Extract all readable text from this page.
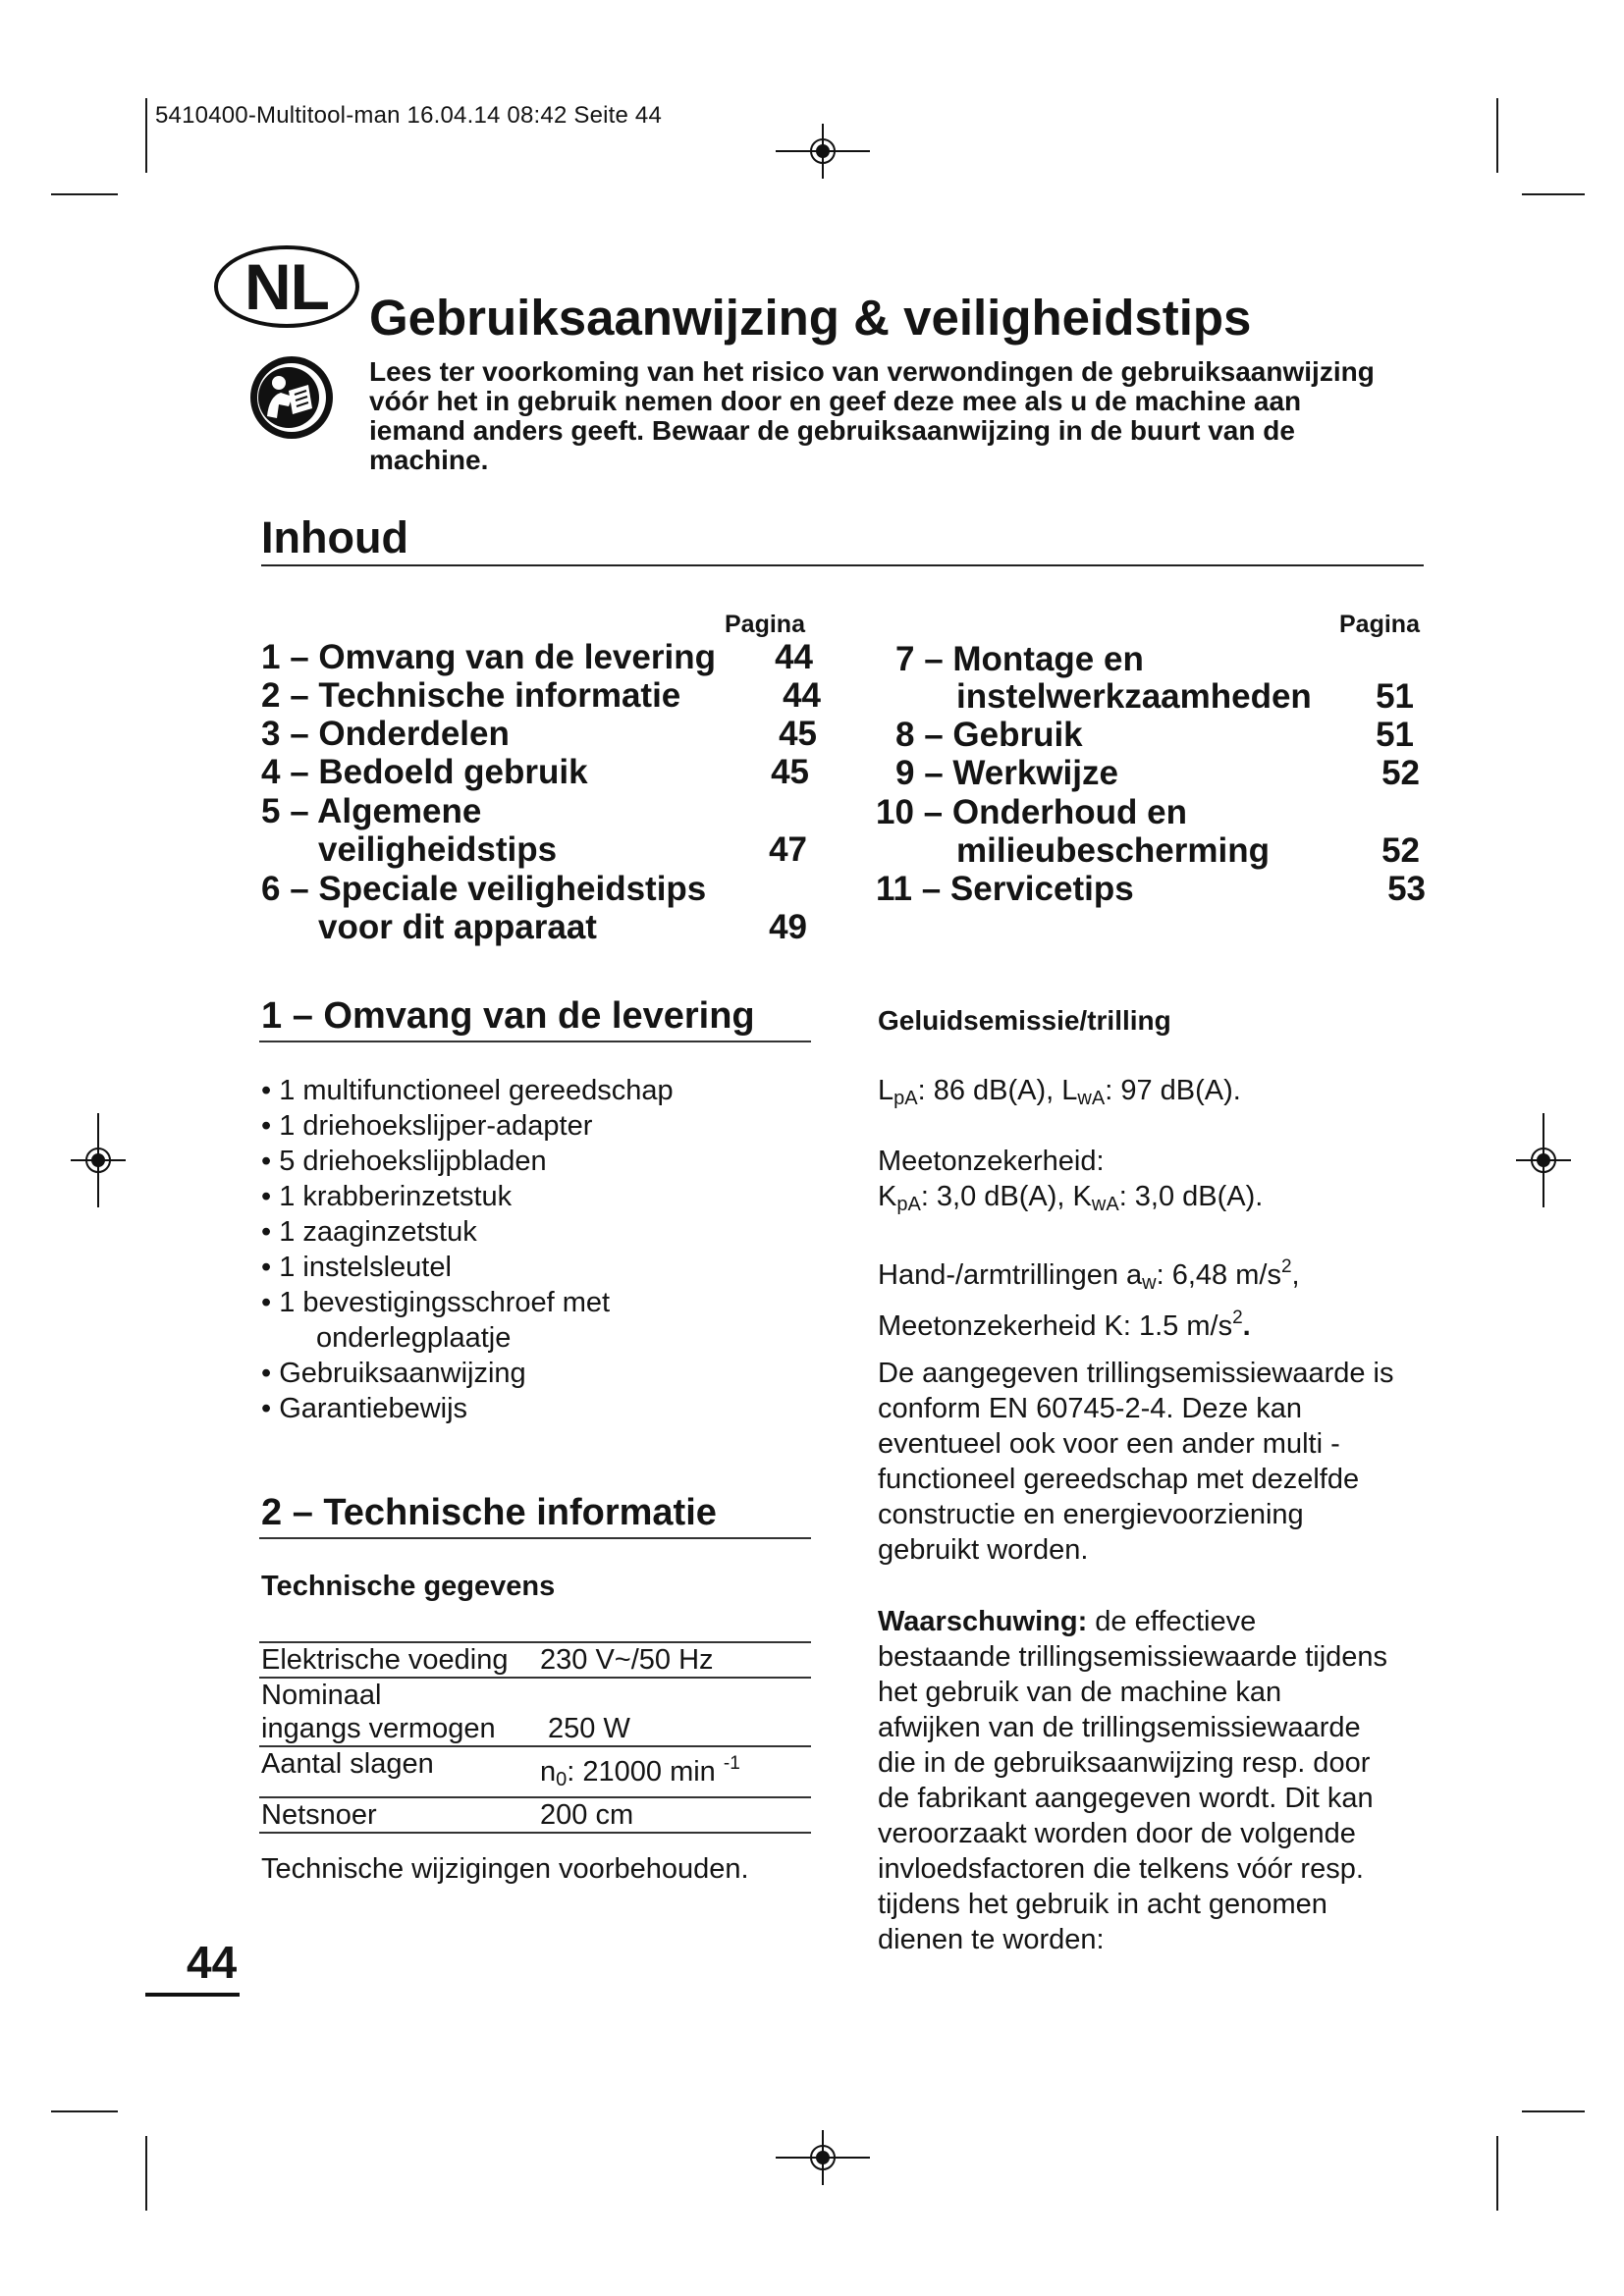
5410400-Multitool-man 16.04.14 08:42 Seite 44
NL Gebruiksaanwijzing & veiligheidstips
Lees ter voorkoming van het risico van verwondingen de gebruiksaanwijzing
vóór het in gebruik nemen door en geef deze mee als u de machine aan
iemand anders geeft. Bewaar de gebruiksaanwijzing in de buurt van de
machine.
Inhoud
Pagina	Pagina
1 – Omvang van de levering 44
2 – Technische informatie	44
3 – Onderdelen	45
4 – Bedoeld gebruik	45
5 – Algemene
veiligheidstips	47
6 – Speciale veiligheidstips
voor dit apparaat	49
7 – Montage en
instelwerkzaamheden 51
8 – Gebruik	51
9 – Werkwijze	52
10 – Onderhoud en
milieubescherming	52
11 – Servicetips	53
1 – Omvang van de levering
• 1 multifunctioneel gereedschap
• 1 driehoekslijper-adapter
• 5 driehoekslijpbladen
• 1 krabberinzetstuk
• 1 zaaginzetstuk
• 1 instelsleutel
• 1 bevestigingsschroef met
onderlegplaatje
• Gebruiksaanwijzing
• Garantiebewijs
2 – Technische informatie
Technische gegevens
Elektrische voeding	230 V~/50 Hz

Nominaal
ingangs vermogen	250 W
Aantal slagen	$n_0$: 21000 min $^{-1}$
Netsnoer	200 cm
Technische wijzigingen voorbehouden.
Geluidsemissie/trilling
$L_{pA}$: 86 dB(A), $L_{wA}$: 97 dB(A).
Meetonzekerheid:
$K_{pA}$: 3,0 dB(A), $K_{wA}$: 3,0 dB(A).
Hand-/armtrillingen $a_w$: 6,48 $m/s^2$,
Meetonzekerheid K: 1.5 $m/s^2$.
De aangegeven trillingsemissiewaarde is
conform EN 60745-2-4. Deze kan
eventueel ook voor een ander multi -
functioneel gereedschap met dezelfde
constructie en energievoorziening
gebruikt worden.
Waarschuwing: de effectieve
bestaande trillingsemissiewaarde tijdens
het gebruik van de machine kan
afwijken van de trillingsemissiewaarde
die in de gebruiksaanwijzing resp. door
de fabrikant aangegeven wordt. Dit kan
veroorzaakt worden door de volgende
invloedsfactoren die telkens vóór resp.
tijdens het gebruik in acht genomen
dienen te worden:
44
